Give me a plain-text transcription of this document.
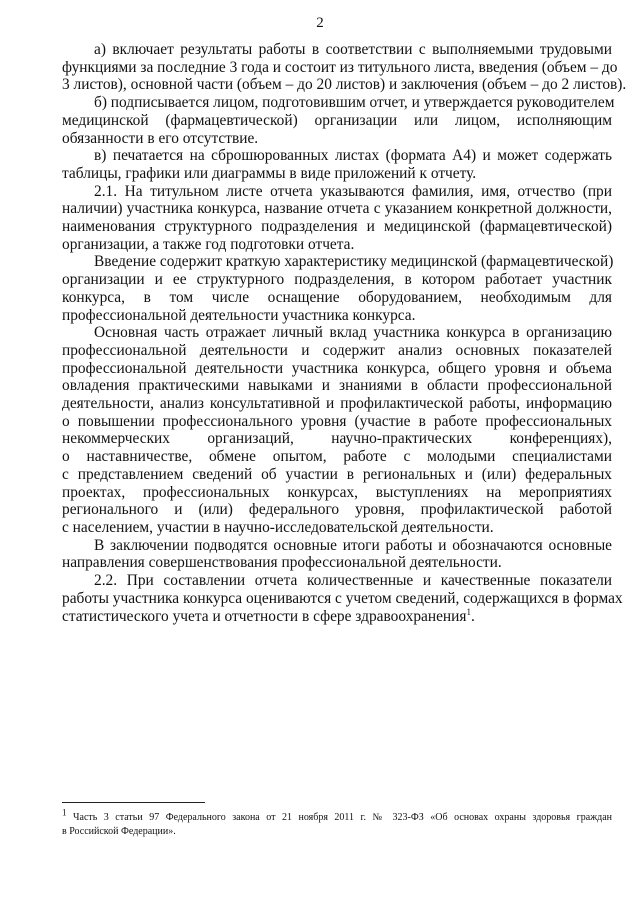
2
а) включает результаты работы в соответствии с выполняемыми трудовыми
функциями за последние 3 года и состоит из титульного листа, введения (объем – до
3 листов), основной части (объем – до 20 листов) и заключения (объем – до 2 листов).
б) подписывается лицом, подготовившим отчет, и утверждается руководителем
медицинской (фармацевтической) организации или лицом, исполняющим
обязанности в его отсутствие.
в) печатается на сброшюрованных листах (формата А4) и может содержать
таблицы, графики или диаграммы в виде приложений к отчету.
2.1. На титульном листе отчета указываются фамилия, имя, отчество (при
наличии) участника конкурса, название отчета с указанием конкретной должности,
наименования структурного подразделения и медицинской (фармацевтической)
организации, а также год подготовки отчета.
Введение содержит краткую характеристику медицинской (фармацевтической)
организации и ее структурного подразделения, в котором работает участник
конкурса, в том числе оснащение оборудованием, необходимым для
профессиональной деятельности участника конкурса.
Основная часть отражает личный вклад участника конкурса в организацию
профессиональной деятельности и содержит анализ основных показателей
профессиональной деятельности участника конкурса, общего уровня и объема
овладения практическими навыками и знаниями в области профессиональной
деятельности, анализ консультативной и профилактической работы, информацию
о повышении профессионального уровня (участие в работе профессиональных
некоммерческих организаций, научно-практических конференциях),
о наставничестве, обмене опытом, работе с молодыми специалистами
с представлением сведений об участии в региональных и (или) федеральных
проектах, профессиональных конкурсах, выступлениях на мероприятиях
регионального и (или) федерального уровня, профилактической работой
с населением, участии в научно-исследовательской деятельности.
В заключении подводятся основные итоги работы и обозначаются основные
направления совершенствования профессиональной деятельности.
2.2. При составлении отчета количественные и качественные показатели
работы участника конкурса оцениваются с учетом сведений, содержащихся в формах
статистического учета и отчетности в сфере здравоохранения$^1$.
$^1$ Часть 3 статьи 97 Федерального закона от 21 ноября 2011 г. № 323-ФЗ «Об основах охраны здоровья граждан
в Российской Федерации».
